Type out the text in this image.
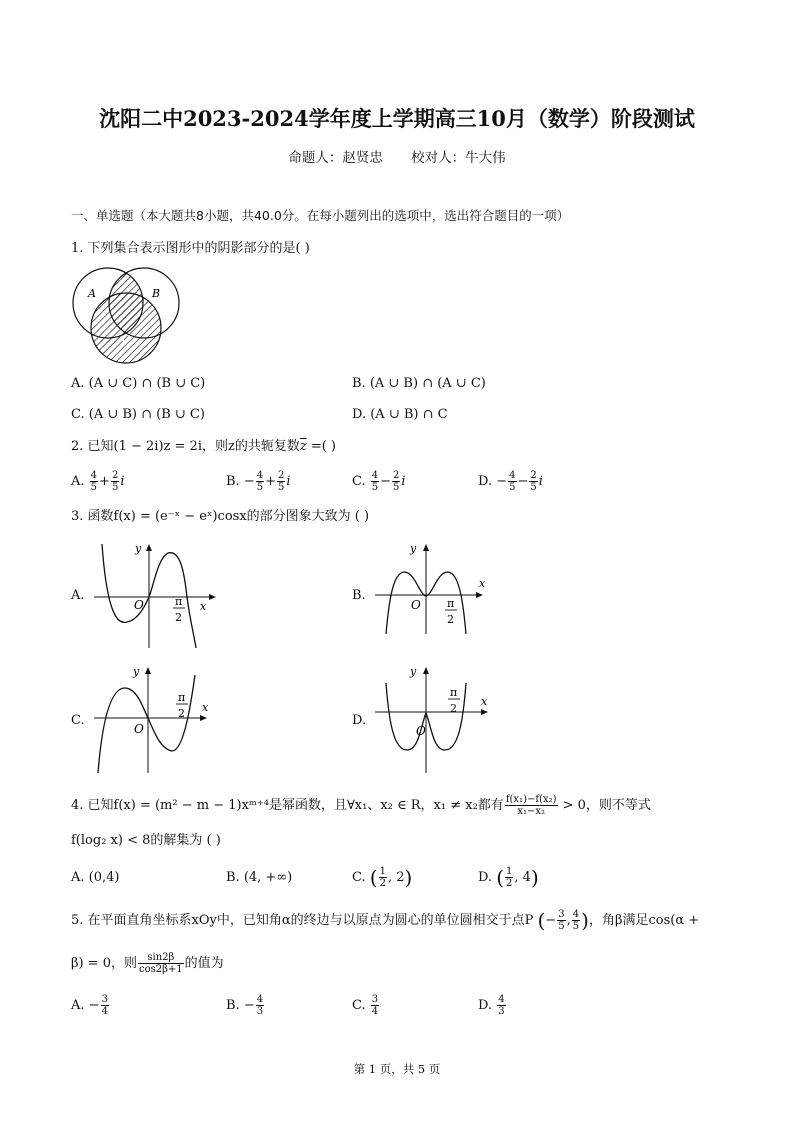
沈阳二中2023-2024学年度上学期高三10月（数学）阶段测试
命题人：赵贤忠 校对人：牛大伟
一、单选题（本大题共8小题，共40.0分。在每小题列出的选项中，选出符合题目的一项）
1. 下列集合表示图形中的阴影部分的是( )
A	B
C
A. (A ∪ C) ∩ (B ∪ C)	B. (A ∪ B) ∩ (A ∪ C)
C. (A ∪ B) ∩ (B ∪ C)	D. (A ∪ B) ∩ C
2. 已知(1 − 2i)z = 2i，则z的共轭复数$\overline{z}$ =( )
A. $\frac{4}{5} + \frac{2}{5}$ i	B. − $\frac{4}{5} + \frac{2}{5}$ i	C. $\frac{4}{5} - \frac{2}{5}$ i	D. − $\frac{4}{5} - \frac{2}{5}$ i
3. 函数f(x) = (e⁻ˣ − eˣ)cosx的部分图象大致为 ( )
A.	B.
C.	D.
π
2
x
y
O	π
2
x
y
O
π
2 x
y
O
π
2
x
y
O
4. 已知f(x) = (m² − m − 1)xᵐ⁺⁴是幂函数，且∀x₁、x₂ ∈ R，x₁ ≠ x₂都有 $\frac{\text{f(x₁)−f(x₂)}}{\text{x₁−x₂}} > 0$，则不等式
f(log₂ x) < 8的解集为 ( )
A. (0,4)	B. (4, +∞)	C. ( $\frac{1}{2}$ , 2)	D. ( $\frac{1}{2}$ , 4)
5. 在平面直角坐标系xOy中，已知角α的终边与以原点为圆心的单位圆相交于点P (− $\frac{3}{5}$ , $\frac{4}{5}$ )，角β满足cos(α +
β) = 0，则 $\frac{\sin 2\beta}{\cos 2\beta+1}$ 的值为
A. − $\frac{3}{4}$	B. − $\frac{4}{3}$	C. $\frac{3}{4}$	D. $\frac{4}{3}$
第 1 页，共 5 页
